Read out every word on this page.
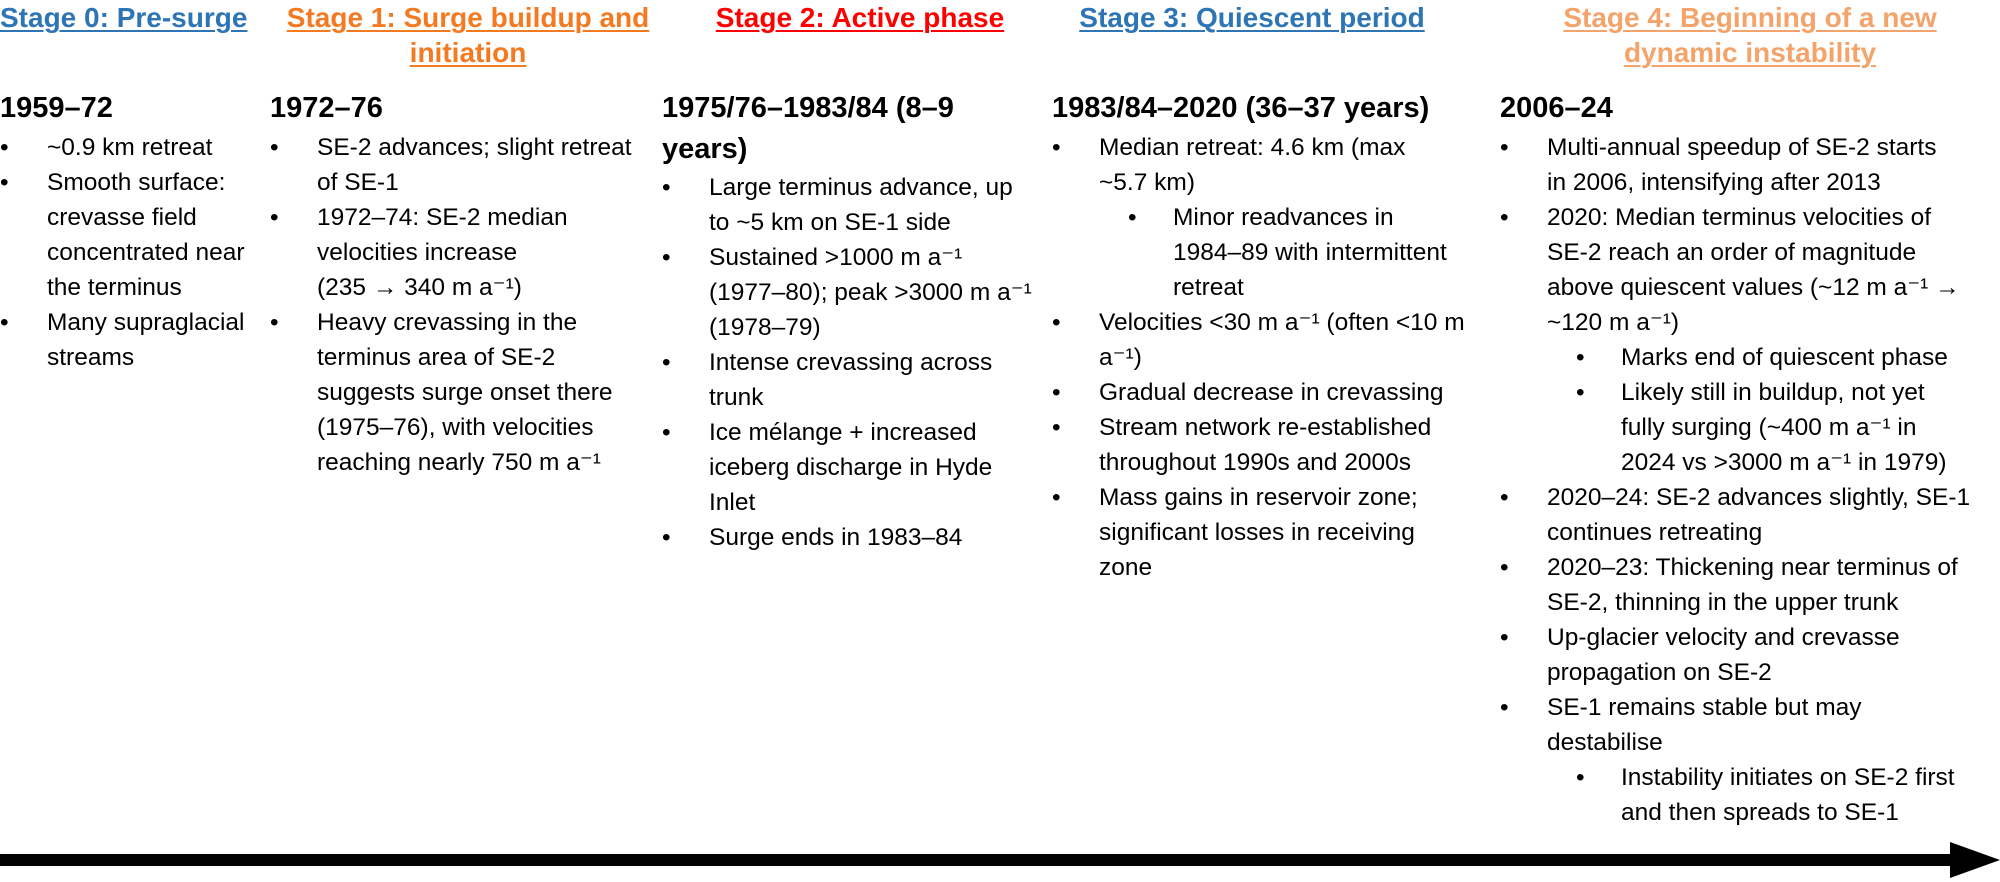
Stage 0: Pre-surge	Stage 1: Surge buildup and
initiation
Stage 2: Active phase	Stage 3: Quiescent period	Stage 4: Beginning of a new
dynamic instability
1959–72	1972–76	1975/76–1983/84 (8–9
years)
1983/84–2020 (36–37 years) 2006–24
• ~0.9 km retreat
• Smooth surface:
crevasse field
concentrated near
the terminus
• Many supraglacial
streams
• SE-2 advances; slight retreat
of SE-1
• 1972–74: SE-2 median
velocities increase
(235 → 340 m a⁻¹)
• Heavy crevassing in the
terminus area of SE-2
suggests surge onset there
(1975–76), with velocities
reaching nearly 750 m a⁻¹
• Large terminus advance, up
to ~5 km on SE-1 side
• Sustained >1000 m a⁻¹
(1977–80); peak >3000 m a⁻¹
(1978–79)
• Intense crevassing across
trunk
• Ice mélange + increased
iceberg discharge in Hyde
Inlet
• Surge ends in 1983–84
• Median retreat: 4.6 km (max
~5.7 km)
• Minor readvances in
1984–89 with intermittent
retreat
• Velocities <30 m a⁻¹ (often <10 m
a⁻¹)
• Gradual decrease in crevassing
• Stream network re-established
throughout 1990s and 2000s
• Mass gains in reservoir zone;
significant losses in receiving
zone
• Multi-annual speedup of SE-2 starts
in 2006, intensifying after 2013
• 2020: Median terminus velocities of
SE-2 reach an order of magnitude
above quiescent values (~12 m a⁻¹ →
~120 m a⁻¹)
• Marks end of quiescent phase
• Likely still in buildup, not yet
fully surging (~400 m a⁻¹ in
2024 vs >3000 m a⁻¹ in 1979)
• 2020–24: SE-2 advances slightly, SE-1
continues retreating
• 2020–23: Thickening near terminus of
SE-2, thinning in the upper trunk
• Up-glacier velocity and crevasse
propagation on SE-2
• SE-1 remains stable but may
destabilise
• Instability initiates on SE-2 first
and then spreads to SE-1
